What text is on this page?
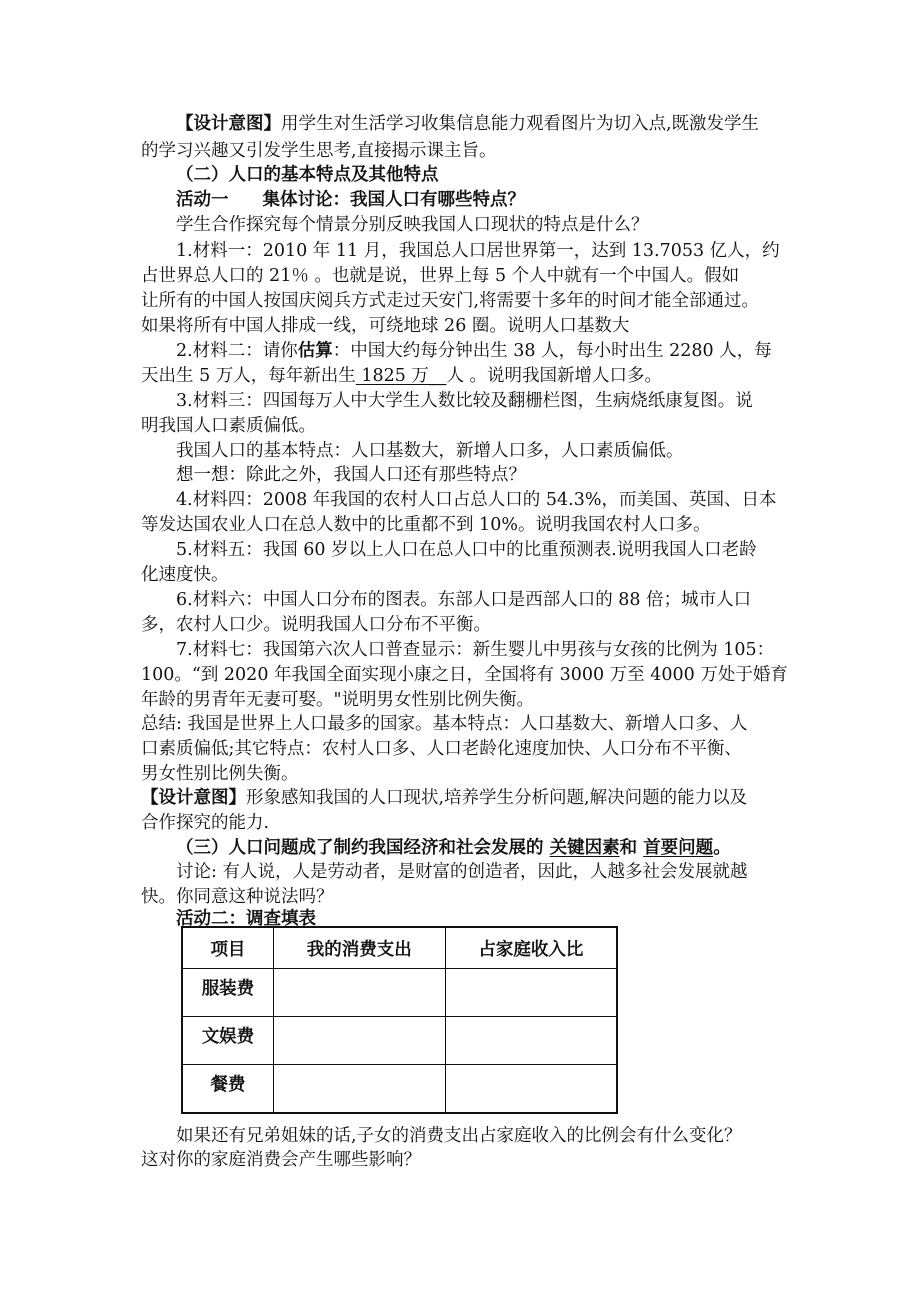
【设计意图】用学生对生活学习收集信息能力观看图片为切入点,既激发学生
的学习兴趣又引发学生思考,直接揭示课主旨。
（二）人口的基本特点及其他特点
活动一 集体讨论：我国人口有哪些特点？
学生合作探究每个情景分别反映我国人口现状的特点是什么？
1.材料一：2010 年 11 月，我国总人口居世界第一，达到 13.7053 亿人，约
占世界总人口的 21％ 。也就是说，世界上每 5 个人中就有一个中国人。假如
让所有的中国人按国庆阅兵方式走过天安门,将需要十多年的时间才能全部通过。
如果将所有中国人排成一线，可绕地球 26 圈。说明人口基数大
2.材料二：请你估算：中国大约每分钟出生 38 人，每小时出生 2280 人，每
天出生 5 万人，每年新出生 1825 万__人 。说明我国新增人口多。
3.材料三：四国每万人中大学生人数比较及翻栅栏图，生病烧纸康复图。说
明我国人口素质偏低。
我国人口的基本特点：人口基数大，新增人口多，人口素质偏低。
想一想：除此之外，我国人口还有那些特点？
4.材料四：2008 年我国的农村人口占总人口的 54.3%，而美国、英国、日本
等发达国农业人口在总人数中的比重都不到 10%。说明我国农村人口多。
5.材料五：我国 60 岁以上人口在总人口中的比重预测表.说明我国人口老龄
化速度快。
6.材料六：中国人口分布的图表。东部人口是西部人口的 88 倍；城市人口
多，农村人口少。说明我国人口分布不平衡。
7.材料七：我国第六次人口普查显示：新生婴儿中男孩与女孩的比例为 105：
100。“到 2020 年我国全面实现小康之日，全国将有 3000 万至 4000 万处于婚育
年龄的男青年无妻可娶。"说明男女性别比例失衡。
总结: 我国是世界上人口最多的国家。基本特点：人口基数大、新增人口多、人
口素质偏低;其它特点：农村人口多、人口老龄化速度加快、人口分布不平衡、
男女性别比例失衡。
【设计意图】形象感知我国的人口现状,培养学生分析问题,解决问题的能力以及
合作探究的能力.
（三）人口问题成了制约我国经济和社会发展的 关键因素和 首要问题。
讨论: 有人说，人是劳动者，是财富的创造者，因此，人越多社会发展就越
快。你同意这种说法吗？
活动二：调查填表
项目	我的消费支出	占家庭收入比
服装费		
文娱费		
餐费		
如果还有兄弟姐妹的话,子女的消费支出占家庭收入的比例会有什么变化？
这对你的家庭消费会产生哪些影响？
